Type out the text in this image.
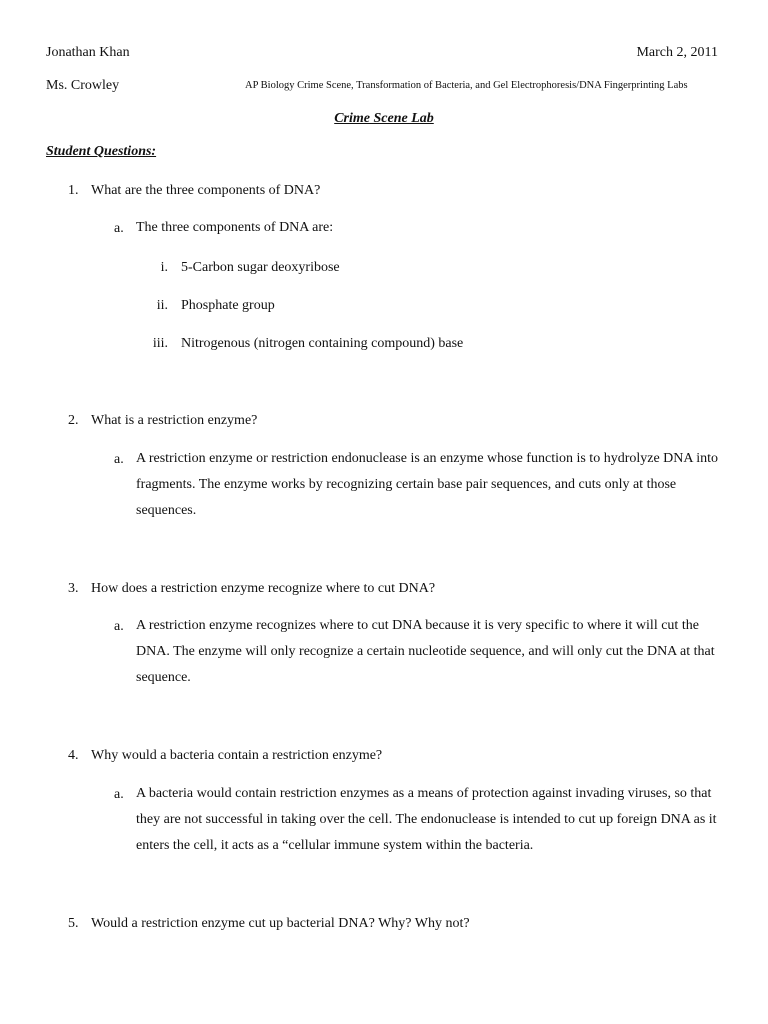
Jonathan Khan	March 2, 2011
Ms. Crowley	AP Biology Crime Scene, Transformation of Bacteria, and Gel Electrophoresis/DNA Fingerprinting Labs
Crime Scene Lab
Student Questions:
1. What are the three components of DNA?
a. The three components of DNA are:
i. 5-Carbon sugar deoxyribose
ii. Phosphate group
iii. Nitrogenous (nitrogen containing compound) base
2. What is a restriction enzyme?
a. A restriction enzyme or restriction endonuclease is an enzyme whose function is to hydrolyze DNA into fragments. The enzyme works by recognizing certain base pair sequences, and cuts only at those sequences.
3. How does a restriction enzyme recognize where to cut DNA?
a. A restriction enzyme recognizes where to cut DNA because it is very specific to where it will cut the DNA. The enzyme will only recognize a certain nucleotide sequence, and will only cut the DNA at that sequence.
4. Why would a bacteria contain a restriction enzyme?
a. A bacteria would contain restriction enzymes as a means of protection against invading viruses, so that they are not successful in taking over the cell. The endonuclease is intended to cut up foreign DNA as it enters the cell, it acts as a “cellular immune system within the bacteria.
5. Would a restriction enzyme cut up bacterial DNA? Why? Why not?
